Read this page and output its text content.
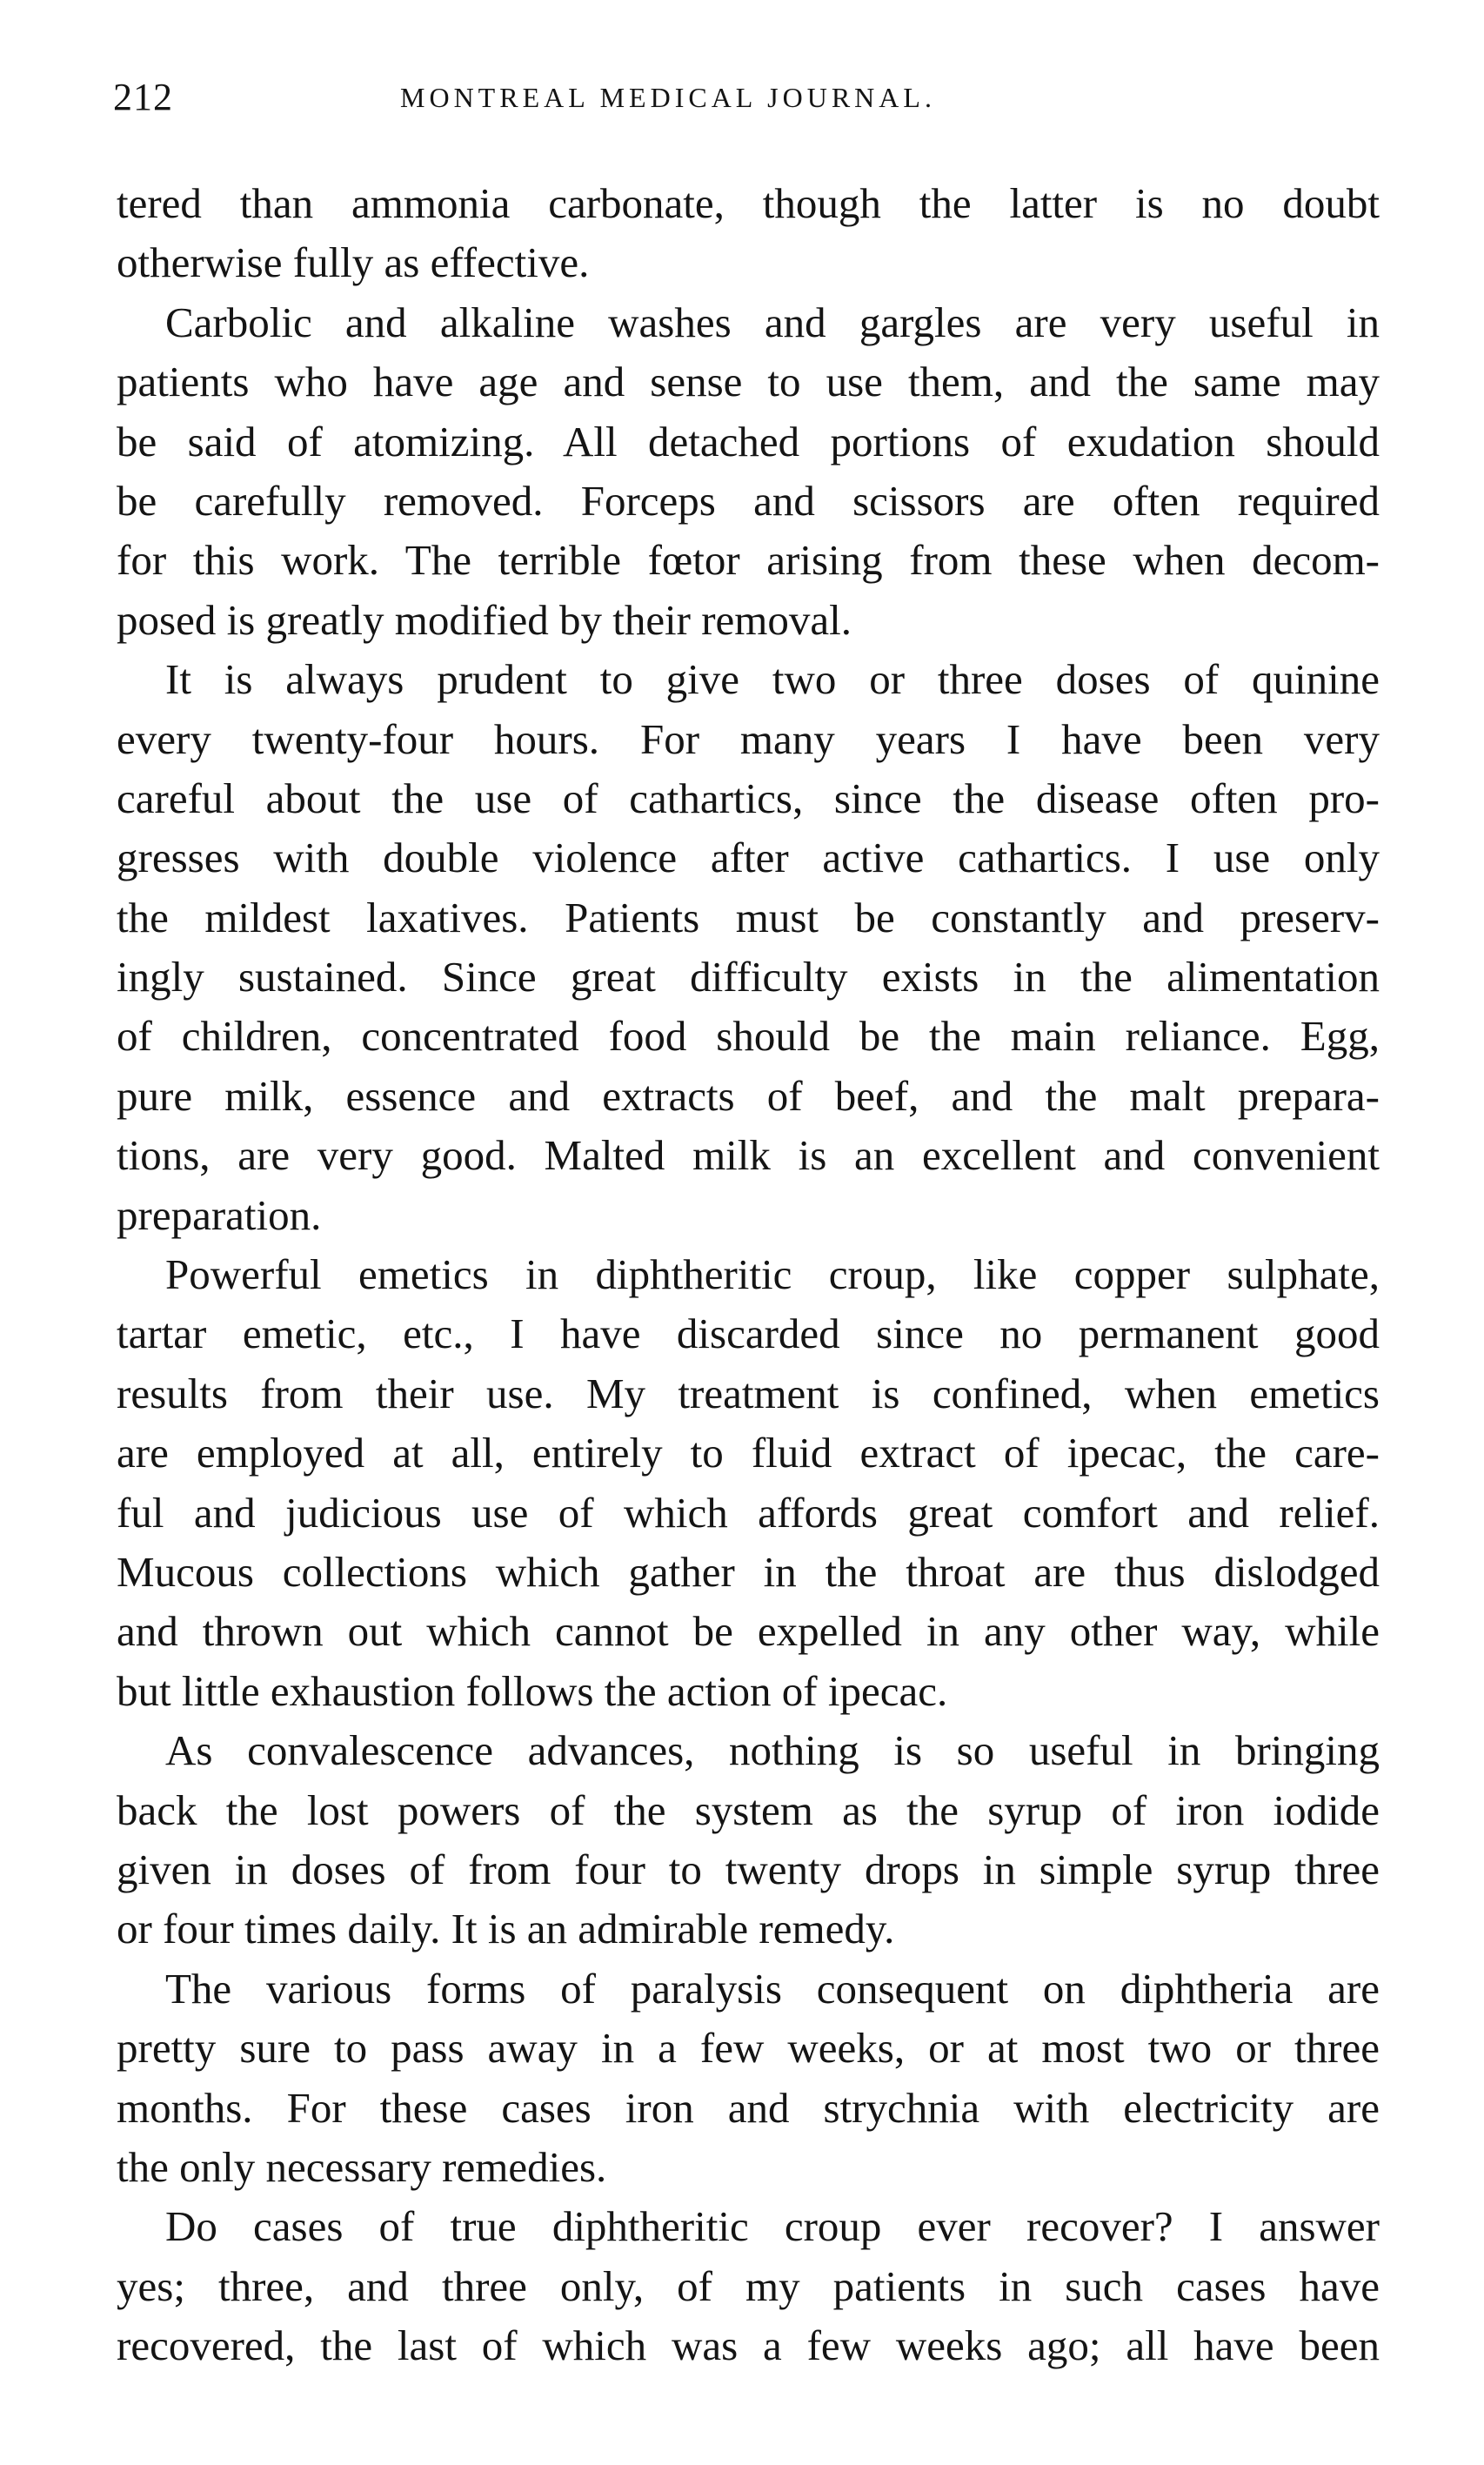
212	MONTREAL MEDICAL JOURNAL.
tered than ammonia carbonate, though the latter is no doubt
otherwise fully as effective.
Carbolic and alkaline washes and gargles are very useful in
patients who have age and sense to use them, and the same may
be said of atomizing. All detached portions of exudation should
be carefully removed. Forceps and scissors are often required
for this work. The terrible fœtor arising from these when decom-
posed is greatly modified by their removal.
It is always prudent to give two or three doses of quinine
every twenty-four hours. For many years I have been very
careful about the use of cathartics, since the disease often pro-
gresses with double violence after active cathartics. I use only
the mildest laxatives. Patients must be constantly and preserv-
ingly sustained. Since great difficulty exists in the alimentation
of children, concentrated food should be the main reliance. Egg,
pure milk, essence and extracts of beef, and the malt prepara-
tions, are very good. Malted milk is an excellent and convenient
preparation.
Powerful emetics in diphtheritic croup, like copper sulphate,
tartar emetic, etc., I have discarded since no permanent good
results from their use. My treatment is confined, when emetics
are employed at all, entirely to fluid extract of ipecac, the care-
ful and judicious use of which affords great comfort and relief.
Mucous collections which gather in the throat are thus dislodged
and thrown out which cannot be expelled in any other way, while
but little exhaustion follows the action of ipecac.
As convalescence advances, nothing is so useful in bringing
back the lost powers of the system as the syrup of iron iodide
given in doses of from four to twenty drops in simple syrup three
or four times daily. It is an admirable remedy.
The various forms of paralysis consequent on diphtheria are
pretty sure to pass away in a few weeks, or at most two or three
months. For these cases iron and strychnia with electricity are
the only necessary remedies.
Do cases of true diphtheritic croup ever recover? I answer
yes; three, and three only, of my patients in such cases have
recovered, the last of which was a few weeks ago; all have been
